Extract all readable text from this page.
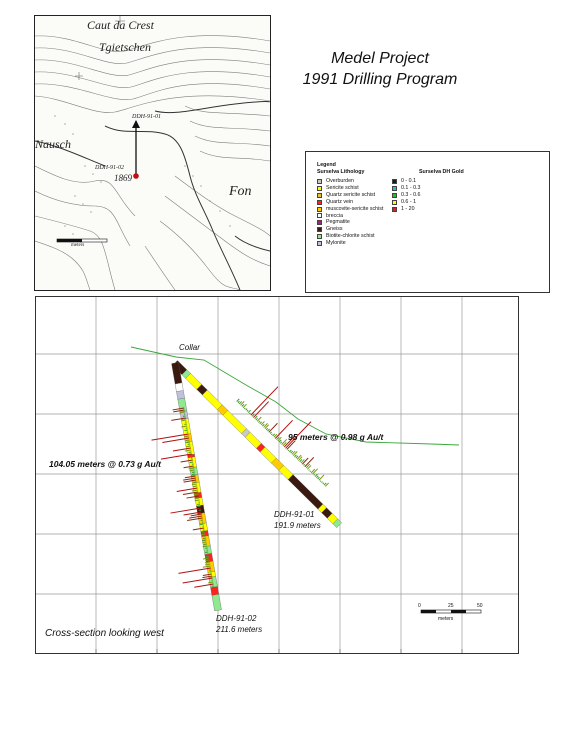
Caut da Crest
Tgietschen
Nausch
Fon
DDH-91-01
DDH-91-02
1869
meters
Medel Project
1991 Drilling Program
Legend
Surselva Lithology	Surselva DH Gold
Overburden
Sericite schist
Quartz sericite schist
Quartz vein
muscovite-sericite schist
breccia
Pegmatite
Gneiss
Biotite-chlorite schist
Mylonite
0 - 0.1
0.1 - 0.3
0.3 - 0.6
0.6 - 1
1 - 20
Collar
95 meters @ 0.98 g Au/t
104.05 meters @ 0.73 g Au/t
DDH-91-01
191.9 meters
DDH-91-02
211.6 meters
Cross-section looking west
0	25	50
meters
